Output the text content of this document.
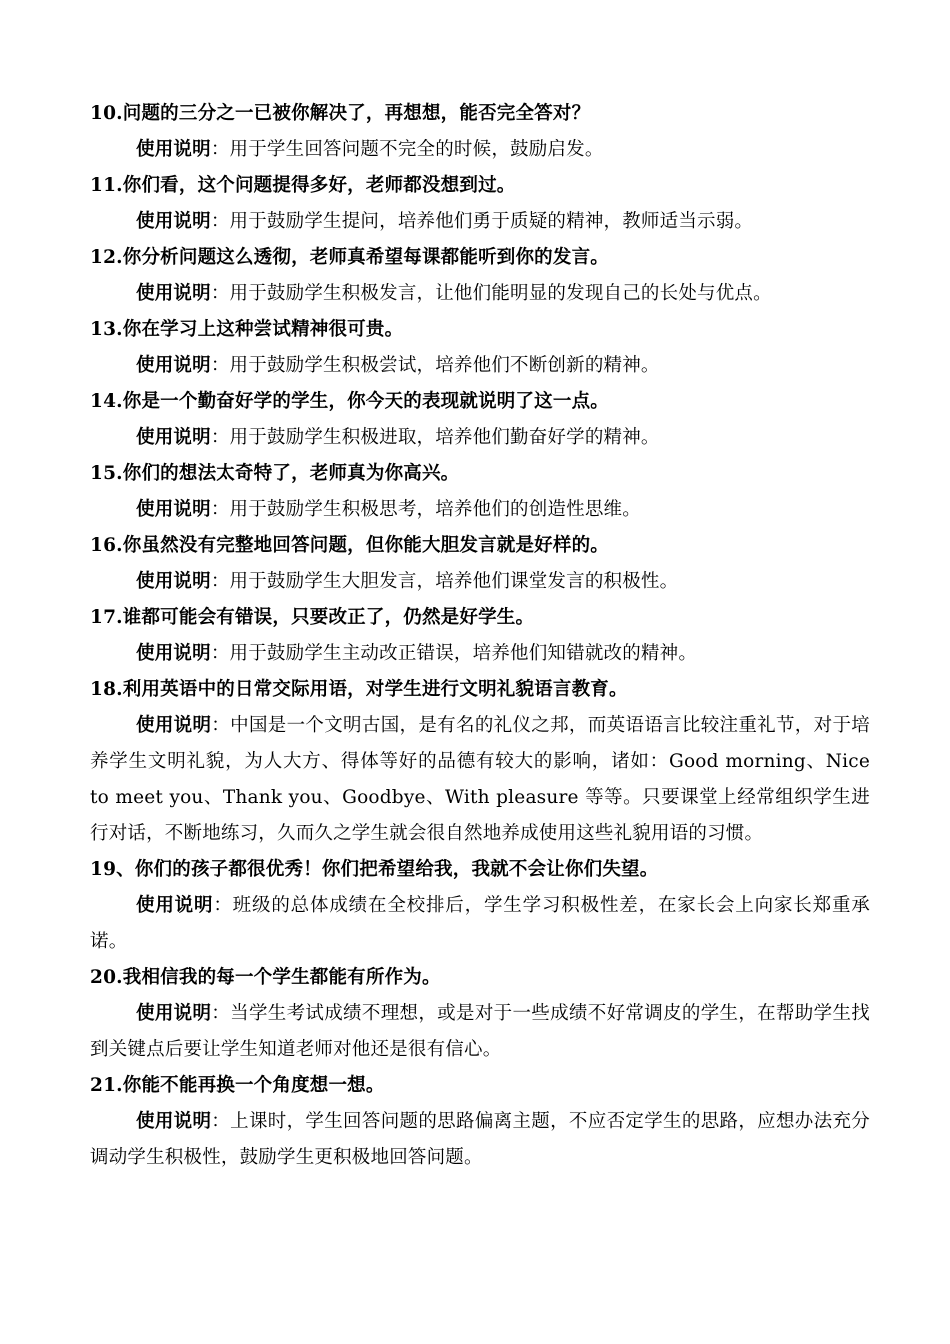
10.问题的三分之一已被你解决了，再想想，能否完全答对？
使用说明：用于学生回答问题不完全的时候，鼓励启发。
11.你们看，这个问题提得多好，老师都没想到过。
使用说明：用于鼓励学生提问，培养他们勇于质疑的精神，教师适当示弱。
12.你分析问题这么透彻，老师真希望每课都能听到你的发言。
使用说明：用于鼓励学生积极发言，让他们能明显的发现自己的长处与优点。
13.你在学习上这种尝试精神很可贵。
使用说明：用于鼓励学生积极尝试，培养他们不断创新的精神。
14.你是一个勤奋好学的学生，你今天的表现就说明了这一点。
使用说明：用于鼓励学生积极进取，培养他们勤奋好学的精神。
15.你们的想法太奇特了，老师真为你高兴。
使用说明：用于鼓励学生积极思考，培养他们的创造性思维。
16.你虽然没有完整地回答问题，但你能大胆发言就是好样的。
使用说明：用于鼓励学生大胆发言，培养他们课堂发言的积极性。
17.谁都可能会有错误，只要改正了，仍然是好学生。
使用说明：用于鼓励学生主动改正错误，培养他们知错就改的精神。
18.利用英语中的日常交际用语，对学生进行文明礼貌语言教育。
使用说明：中国是一个文明古国，是有名的礼仪之邦，而英语语言比较注重礼节，对于培养学生文明礼貌，为人大方、得体等好的品德有较大的影响，诸如：Good morning、Nice to meet you、Thank you、Goodbye、With pleasure 等等。只要课堂上经常组织学生进行对话，不断地练习，久而久之学生就会很自然地养成使用这些礼貌用语的习惯。
19、你们的孩子都很优秀！你们把希望给我，我就不会让你们失望。
使用说明：班级的总体成绩在全校排后，学生学习积极性差，在家长会上向家长郑重承诺。
20.我相信我的每一个学生都能有所作为。
使用说明：当学生考试成绩不理想，或是对于一些成绩不好常调皮的学生，在帮助学生找到关键点后要让学生知道老师对他还是很有信心。
21.你能不能再换一个角度想一想。
使用说明：上课时，学生回答问题的思路偏离主题，不应否定学生的思路，应想办法充分调动学生积极性，鼓励学生更积极地回答问题。
